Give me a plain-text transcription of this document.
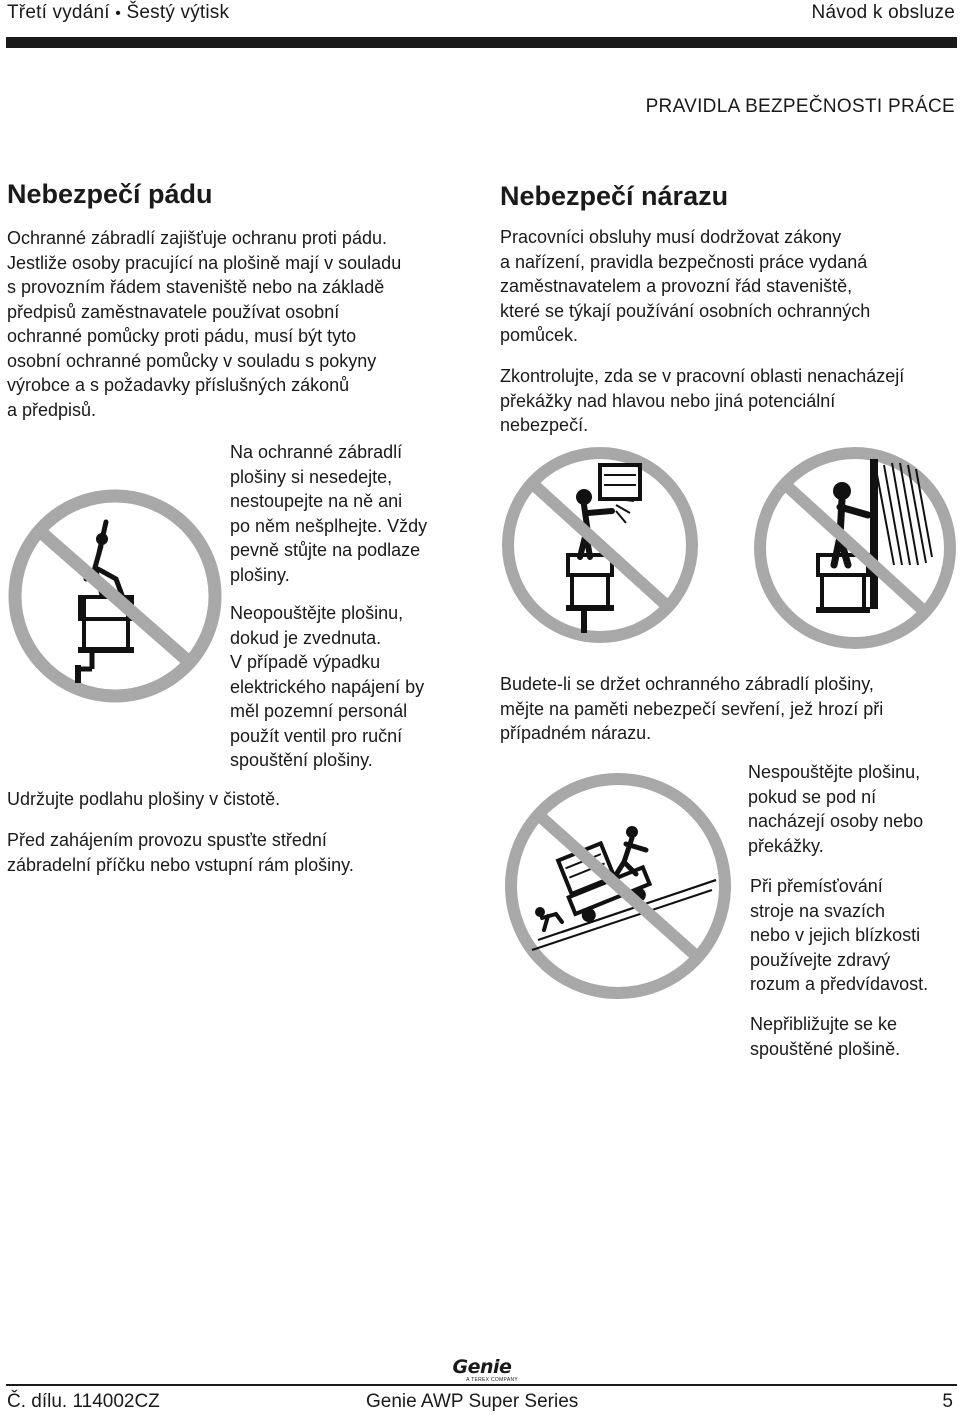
Třetí vydání • Šestý výtisk	Návod k obsluze
PRAVIDLA BEZPEČNOSTI PRÁCE
Nebezpečí pádu
Ochranné zábradlí zajišťuje ochranu proti pádu.
Jestliže osoby pracující na plošině mají v souladu
s provozním řádem staveniště nebo na základě
předpisů zaměstnavatele používat osobní
ochranné pomůcky proti pádu, musí být tyto
osobní ochranné pomůcky v souladu s pokyny
výrobce a s požadavky příslušných zákonů
a předpisů.
Na ochranné zábradlí
plošiny si nesedejte,
nestoupejte na ně ani
po něm nešplhejte. Vždy
pevně stůjte na podlaze
plošiny.
Neopouštějte plošinu,
dokud je zvednuta.
V případě výpadku
elektrického napájení by
měl pozemní personál
použít ventil pro ruční
spouštění plošiny.
Udržujte podlahu plošiny v čistotě.
Před zahájením provozu spusťte střední
zábradelní příčku nebo vstupní rám plošiny.
Nebezpečí nárazu
Pracovníci obsluhy musí dodržovat zákony
a nařízení, pravidla bezpečnosti práce vydaná
zaměstnavatelem a provozní řád staveniště,
které se týkají používání osobních ochranných
pomůcek.
Zkontrolujte, zda se v pracovní oblasti nenacházejí
překážky nad hlavou nebo jiná potenciální
nebezpečí.
Budete-li se držet ochranného zábradlí plošiny,
mějte na paměti nebezpečí sevření, jež hrozí při
případném nárazu.
Nespouštějte plošinu,
pokud se pod ní
nacházejí osoby nebo
překážky.
Při přemísťování
stroje na svazích
nebo v jejich blízkosti
používejte zdravý
rozum a předvídavost.
Nepřibližujte se ke
spouštěné plošině.
Genie
A TEREX COMPANY
Č. dílu. 114002CZ	Genie AWP Super Series	5
